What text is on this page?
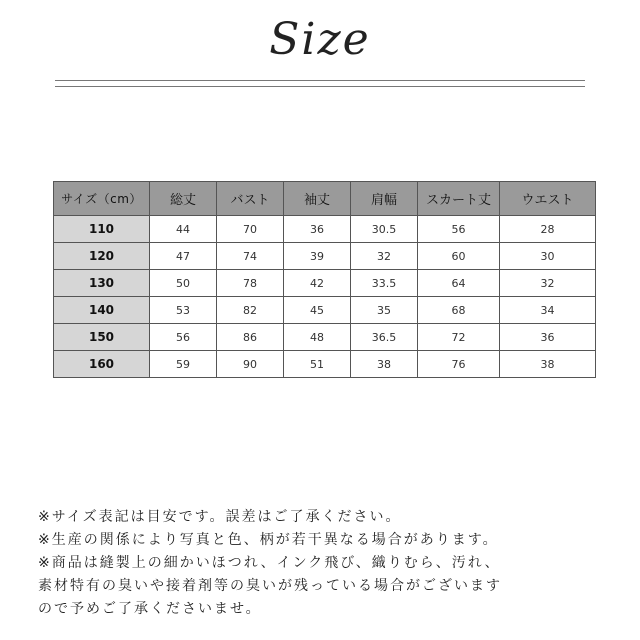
Size
サイズ（cm）	総丈	バスト	袖丈	肩幅	スカート丈	ウエスト
110	44	70	36	30.5	56	28
120	47	74	39	32	60	30
130	50	78	42	33.5	64	32
140	53	82	45	35	68	34
150	56	86	48	36.5	72	36
160	59	90	51	38	76	38
※サイズ表記は目安です。誤差はご了承ください。
※生産の関係により写真と色、柄が若干異なる場合があります。
※商品は縫製上の細かいほつれ、インク飛び、織りむら、汚れ、
素材特有の臭いや接着剤等の臭いが残っている場合がございます
ので予めご了承くださいませ。
